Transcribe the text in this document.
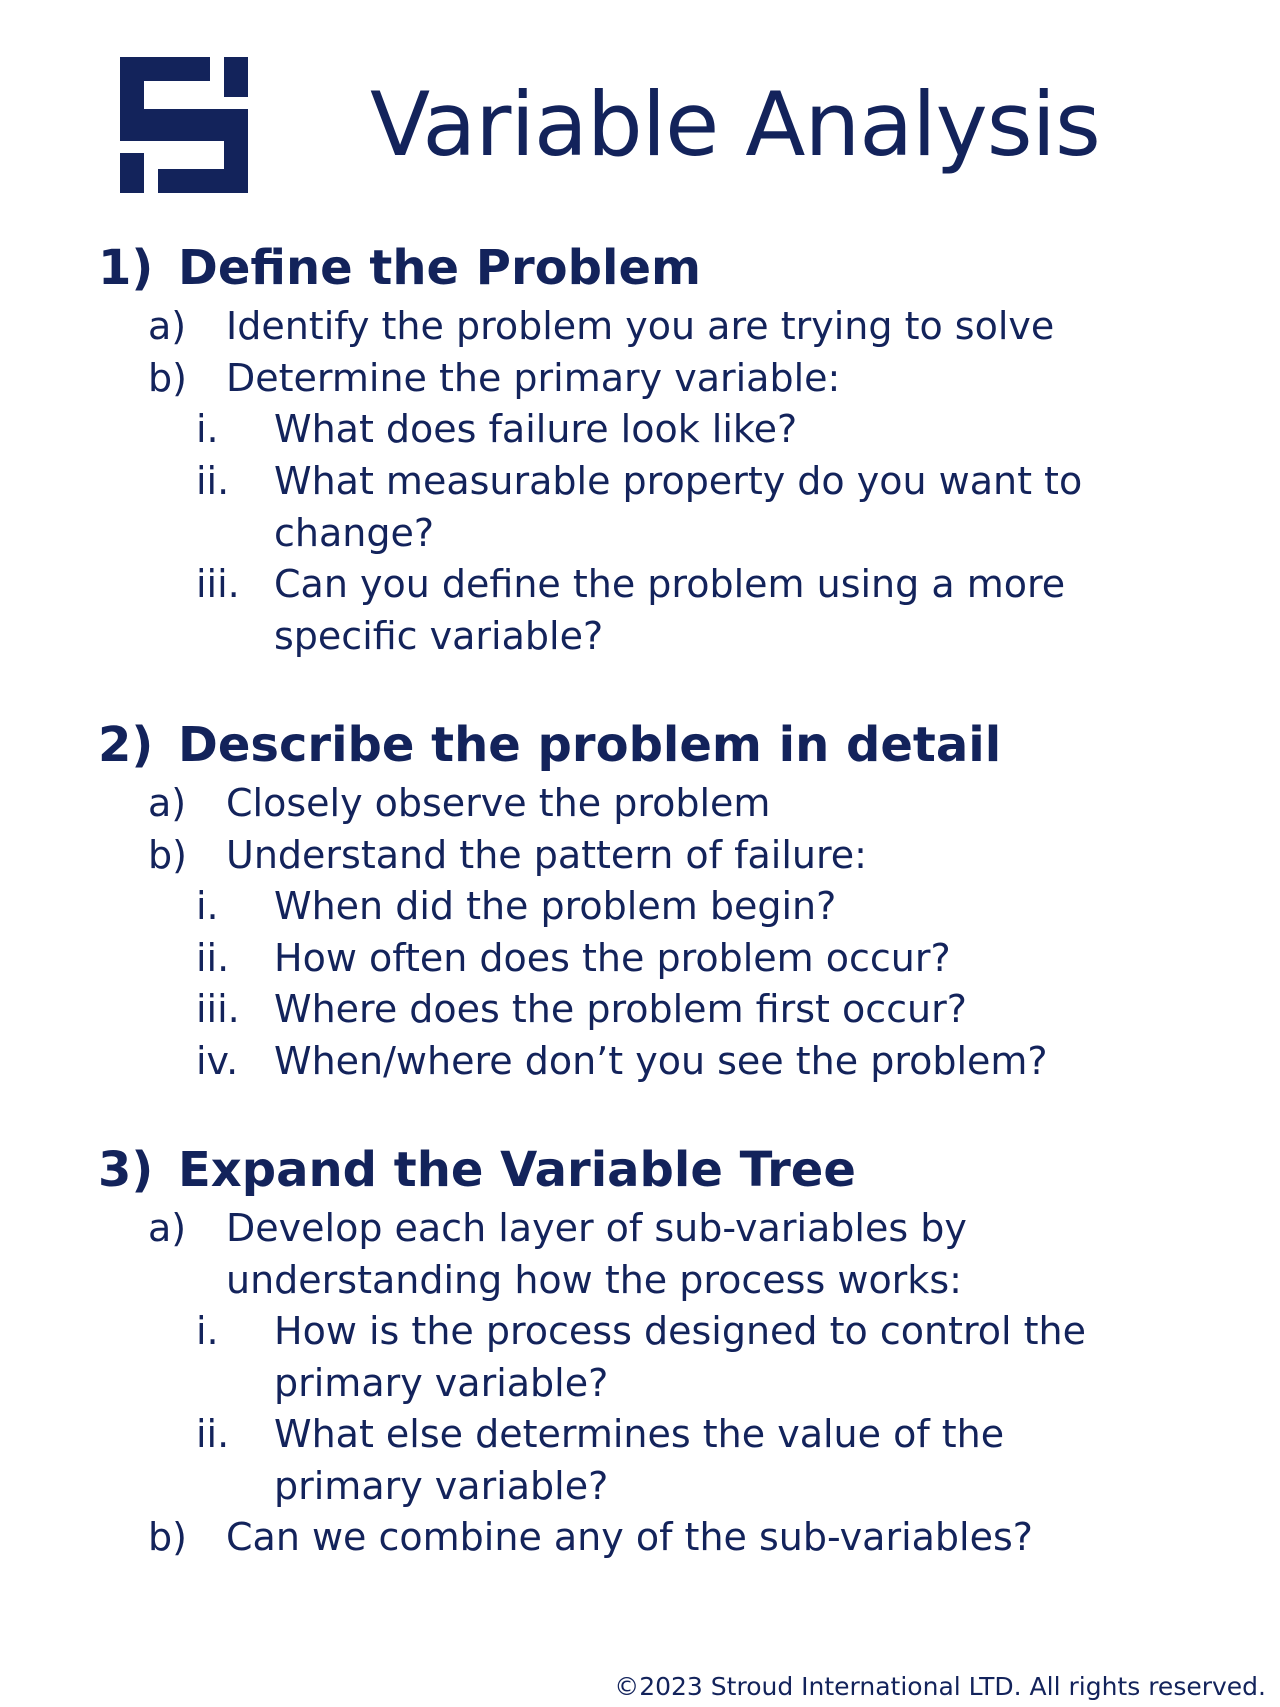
Variable Analysis
1) Define the Problem
a) Identify the problem you are trying to solve
b) Determine the primary variable:
i. What does failure look like?
ii. What measurable property do you want to
change?
iii. Can you define the problem using a more
specific variable?
2) Describe the problem in detail
a) Closely observe the problem
b) Understand the pattern of failure:
i. When did the problem begin?
ii. How often does the problem occur?
iii. Where does the problem first occur?
iv. When/where don’t you see the problem?
3) Expand the Variable Tree
a) Develop each layer of sub-variables by
understanding how the process works:
i. How is the process designed to control the
primary variable?
ii. What else determines the value of the
primary variable?
b) Can we combine any of the sub-variables?
©2023 Stroud International LTD. All rights reserved.
